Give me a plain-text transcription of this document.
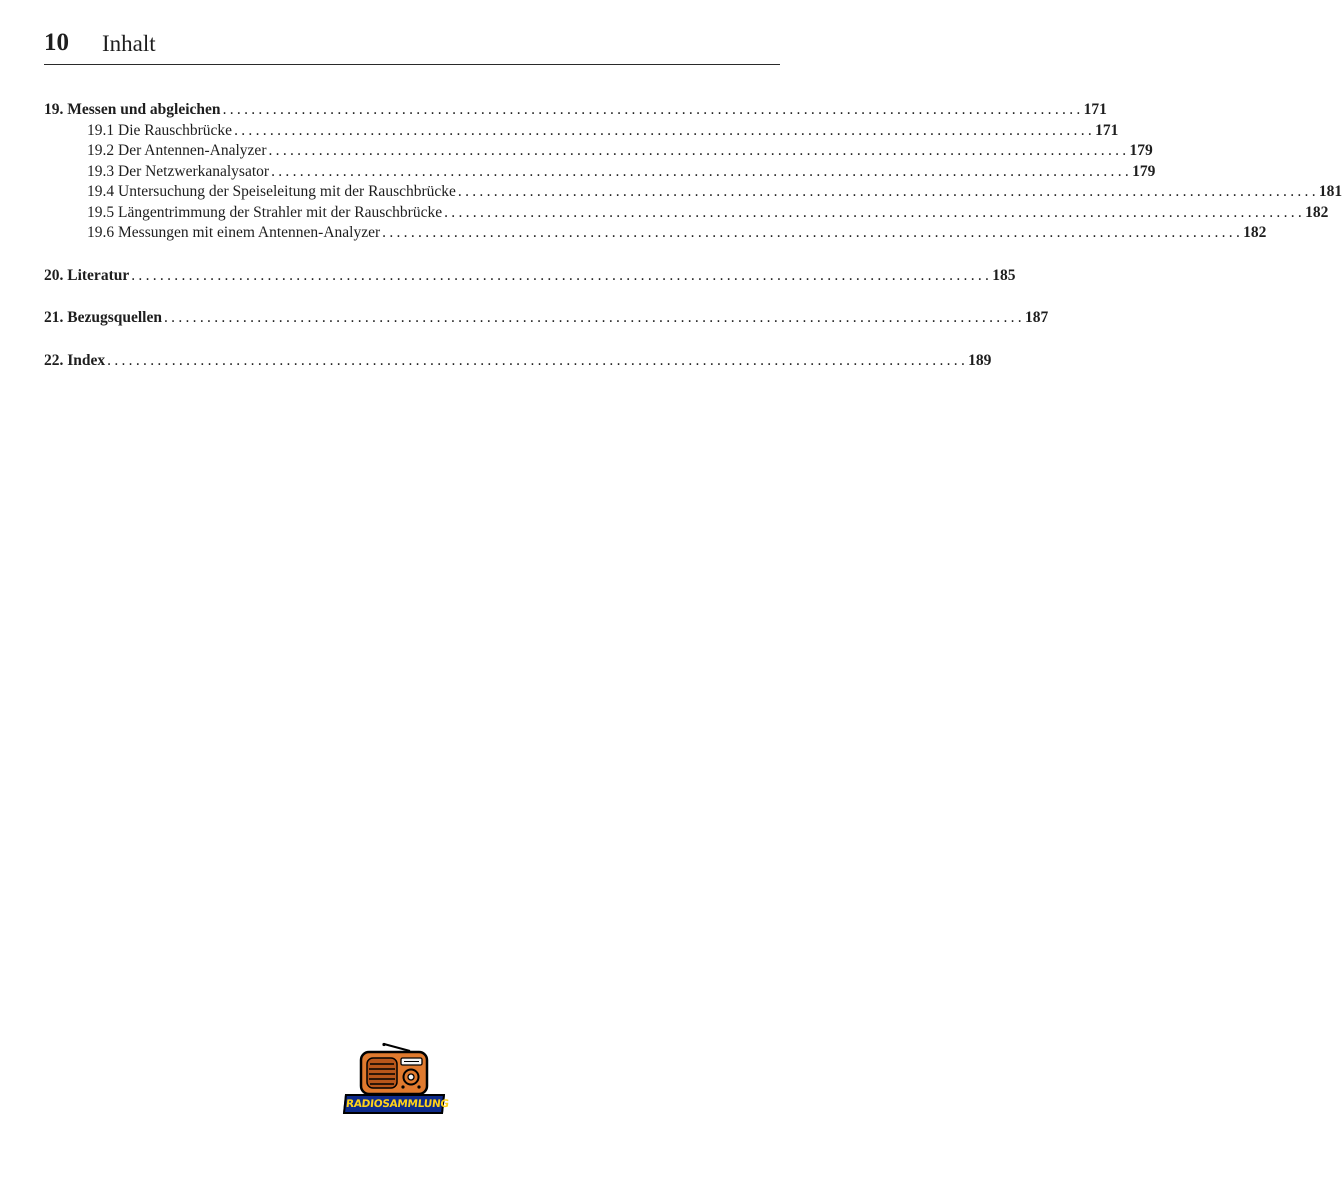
10 Inhalt
19. Messen und abgleichen ........................................................................................................................ 171
19.1 Die Rauschbrücke ........................................................................................................................ 171
19.2 Der Antennen-Analyzer ........................................................................................................................ 179
19.3 Der Netzwerkanalysator ........................................................................................................................ 179
19.4 Untersuchung der Speiseleitung mit der Rauschbrücke ........................................................................................................................ 181
19.5 Längentrimmung der Strahler mit der Rauschbrücke ........................................................................................................................ 182
19.6 Messungen mit einem Antennen-Analyzer ........................................................................................................................ 182
20. Literatur ........................................................................................................................ 185
21. Bezugsquellen ........................................................................................................................ 187
22. Index ........................................................................................................................ 189
RADIOSAMMLUNG
